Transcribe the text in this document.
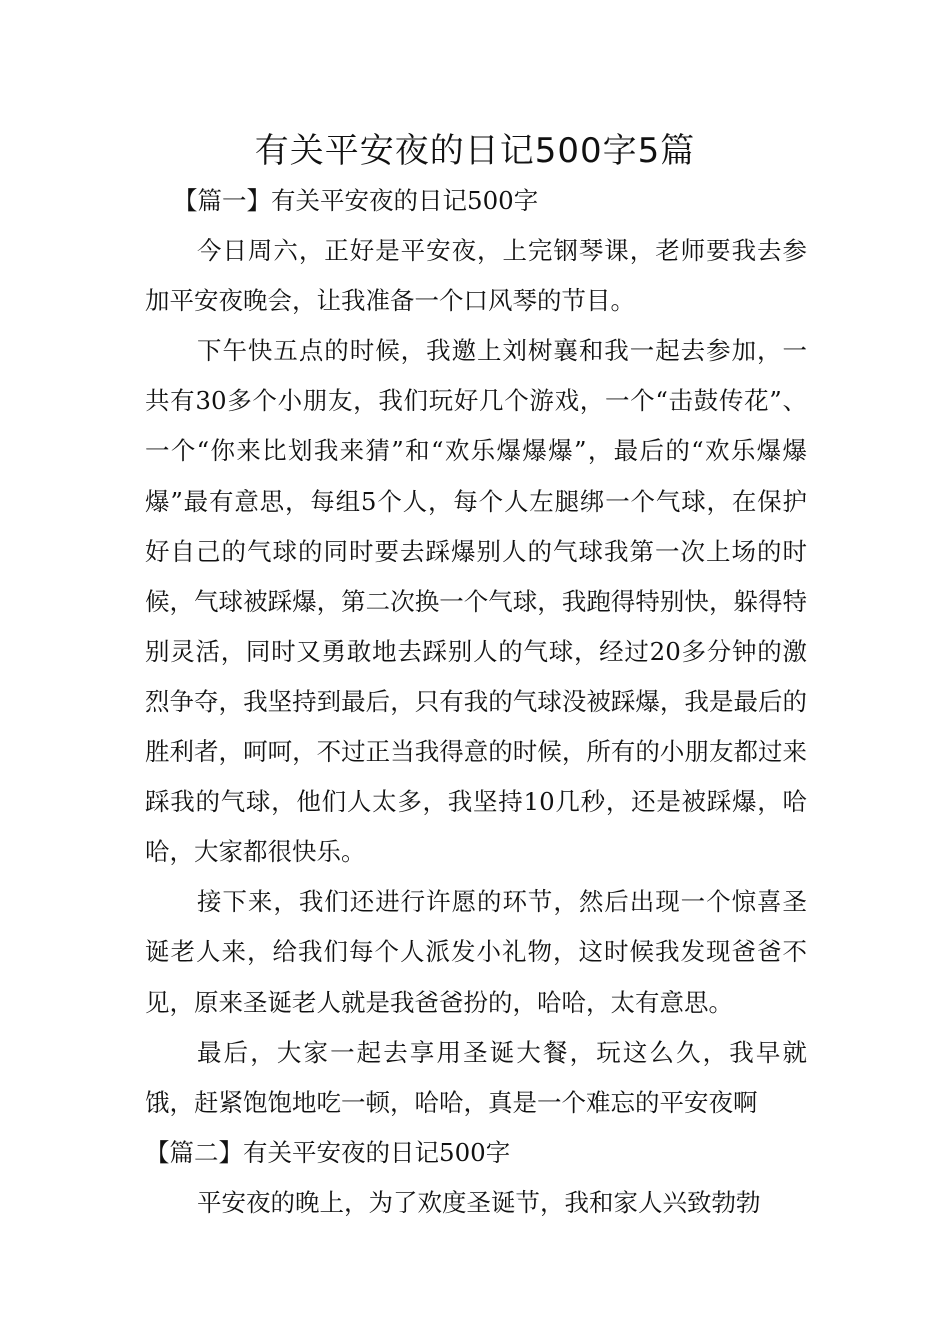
有关平安夜的日记500字5篇

【篇一】有关平安夜的日记500字

今日周六，正好是平安夜，上完钢琴课，老师要我去参加平安夜晚会，让我准备一个口风琴的节目。

下午快五点的时候，我邀上刘树襄和我一起去参加，一共有30多个小朋友，我们玩好几个游戏，一个“击鼓传花”、一个“你来比划我来猜”和“欢乐爆爆爆”，最后的“欢乐爆爆爆”最有意思，每组5个人，每个人左腿绑一个气球，在保护好自己的气球的同时要去踩爆别人的气球我第一次上场的时候，气球被踩爆，第二次换一个气球，我跑得特别快，躲得特别灵活，同时又勇敢地去踩别人的气球，经过20多分钟的激烈争夺，我坚持到最后，只有我的气球没被踩爆，我是最后的胜利者，呵呵，不过正当我得意的时候，所有的小朋友都过来踩我的气球，他们人太多，我坚持10几秒，还是被踩爆，哈哈，大家都很快乐。

接下来，我们还进行许愿的环节，然后出现一个惊喜圣诞老人来，给我们每个人派发小礼物，这时候我发现爸爸不见，原来圣诞老人就是我爸爸扮的，哈哈，太有意思。

最后，大家一起去享用圣诞大餐，玩这么久，我早就饿，赶紧饱饱地吃一顿，哈哈，真是一个难忘的平安夜啊

【篇二】有关平安夜的日记500字

平安夜的晚上，为了欢度圣诞节，我和家人兴致勃勃
